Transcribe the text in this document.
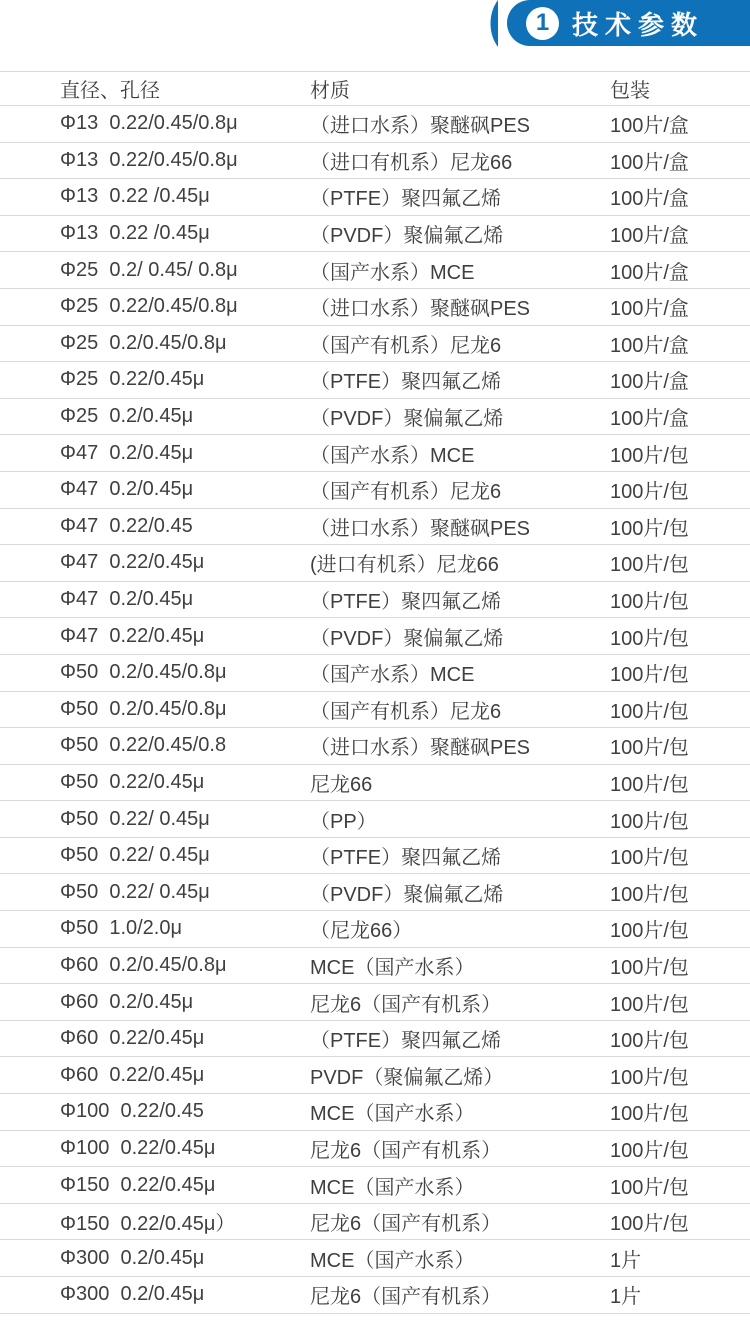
1 技术参数
直径、孔径	材质	包装
Φ13  0.22/0.45/0.8μ	（进口水系）聚醚砜PES	100片/盒
Φ13  0.22/0.45/0.8μ	（进口有机系）尼龙66	100片/盒
Φ13  0.22 /0.45μ	（PTFE）聚四氟乙烯	100片/盒
Φ13  0.22 /0.45μ	（PVDF）聚偏氟乙烯	100片/盒
Φ25  0.2/ 0.45/ 0.8μ	（国产水系）MCE	100片/盒
Φ25  0.22/0.45/0.8μ	（进口水系）聚醚砜PES	100片/盒
Φ25  0.2/0.45/0.8μ	（国产有机系）尼龙6	100片/盒
Φ25  0.22/0.45μ	（PTFE）聚四氟乙烯	100片/盒
Φ25  0.2/0.45μ	（PVDF）聚偏氟乙烯	100片/盒
Φ47  0.2/0.45μ	（国产水系）MCE	100片/包
Φ47  0.2/0.45μ	（国产有机系）尼龙6	100片/包
Φ47  0.22/0.45	（进口水系）聚醚砜PES	100片/包
Φ47  0.22/0.45μ	(进口有机系）尼龙66	100片/包
Φ47  0.2/0.45μ	（PTFE）聚四氟乙烯	100片/包
Φ47  0.22/0.45μ	（PVDF）聚偏氟乙烯	100片/包
Φ50  0.2/0.45/0.8μ	（国产水系）MCE	100片/包
Φ50  0.2/0.45/0.8μ	（国产有机系）尼龙6	100片/包
Φ50  0.22/0.45/0.8	（进口水系）聚醚砜PES	100片/包
Φ50  0.22/0.45μ	尼龙66	100片/包
Φ50  0.22/ 0.45μ	（PP）	100片/包
Φ50  0.22/ 0.45μ	（PTFE）聚四氟乙烯	100片/包
Φ50  0.22/ 0.45μ	（PVDF）聚偏氟乙烯	100片/包
Φ50  1.0/2.0μ	（尼龙66）	100片/包
Φ60  0.2/0.45/0.8μ	MCE（国产水系）	100片/包
Φ60  0.2/0.45μ	尼龙6（国产有机系）	100片/包
Φ60  0.22/0.45μ	（PTFE）聚四氟乙烯	100片/包
Φ60  0.22/0.45μ	PVDF（聚偏氟乙烯）	100片/包
Φ100  0.22/0.45	MCE（国产水系）	100片/包
Φ100  0.22/0.45μ	尼龙6（国产有机系）	100片/包
Φ150  0.22/0.45μ	MCE（国产水系）	100片/包
Φ150  0.22/0.45μ）	尼龙6（国产有机系）	100片/包
Φ300  0.2/0.45μ	MCE（国产水系）	1片
Φ300  0.2/0.45μ	尼龙6（国产有机系）	1片
